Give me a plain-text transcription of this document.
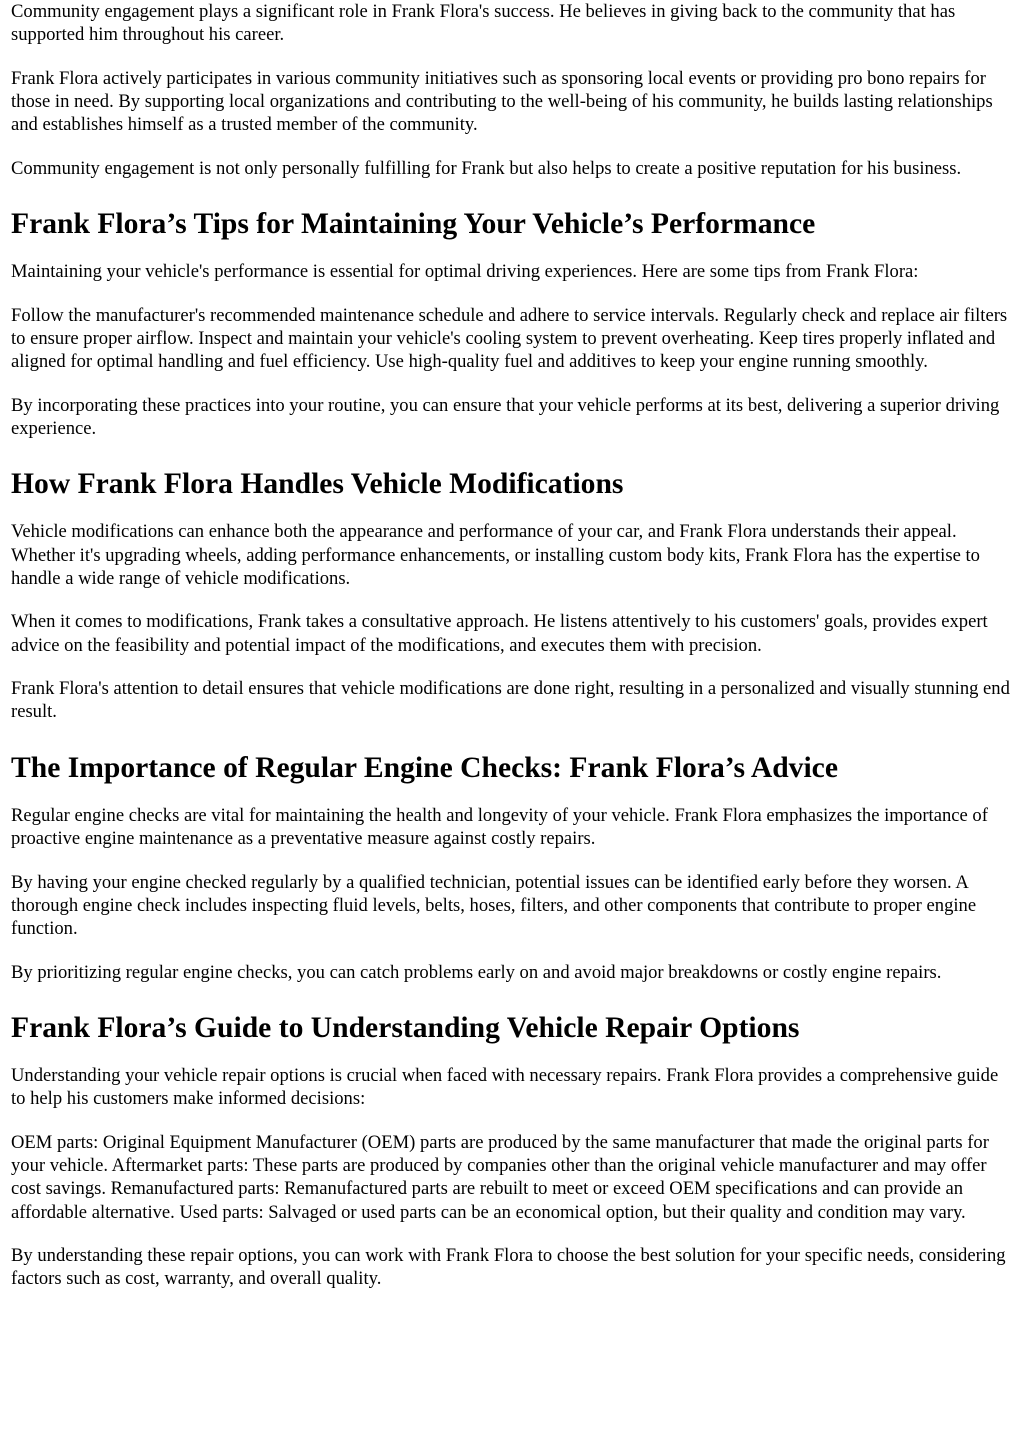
Community engagement plays a significant role in Frank Flora's success. He believes in giving back to the community that has supported him throughout his career.

Frank Flora actively participates in various community initiatives such as sponsoring local events or providing pro bono repairs for those in need. By supporting local organizations and contributing to the well-being of his community, he builds lasting relationships and establishes himself as a trusted member of the community.

Community engagement is not only personally fulfilling for Frank but also helps to create a positive reputation for his business.

Frank Flora’s Tips for Maintaining Your Vehicle’s Performance

Maintaining your vehicle's performance is essential for optimal driving experiences. Here are some tips from Frank Flora:

Follow the manufacturer's recommended maintenance schedule and adhere to service intervals. Regularly check and replace air filters to ensure proper airflow. Inspect and maintain your vehicle's cooling system to prevent overheating. Keep tires properly inflated and aligned for optimal handling and fuel efficiency. Use high-quality fuel and additives to keep your engine running smoothly.

By incorporating these practices into your routine, you can ensure that your vehicle performs at its best, delivering a superior driving experience.

How Frank Flora Handles Vehicle Modifications

Vehicle modifications can enhance both the appearance and performance of your car, and Frank Flora understands their appeal. Whether it's upgrading wheels, adding performance enhancements, or installing custom body kits, Frank Flora has the expertise to handle a wide range of vehicle modifications.

When it comes to modifications, Frank takes a consultative approach. He listens attentively to his customers' goals, provides expert advice on the feasibility and potential impact of the modifications, and executes them with precision.

Frank Flora's attention to detail ensures that vehicle modifications are done right, resulting in a personalized and visually stunning end result.

The Importance of Regular Engine Checks: Frank Flora’s Advice

Regular engine checks are vital for maintaining the health and longevity of your vehicle. Frank Flora emphasizes the importance of proactive engine maintenance as a preventative measure against costly repairs.

By having your engine checked regularly by a qualified technician, potential issues can be identified early before they worsen. A thorough engine check includes inspecting fluid levels, belts, hoses, filters, and other components that contribute to proper engine function.

By prioritizing regular engine checks, you can catch problems early on and avoid major breakdowns or costly engine repairs.

Frank Flora’s Guide to Understanding Vehicle Repair Options

Understanding your vehicle repair options is crucial when faced with necessary repairs. Frank Flora provides a comprehensive guide to help his customers make informed decisions:

OEM parts: Original Equipment Manufacturer (OEM) parts are produced by the same manufacturer that made the original parts for your vehicle. Aftermarket parts: These parts are produced by companies other than the original vehicle manufacturer and may offer cost savings. Remanufactured parts: Remanufactured parts are rebuilt to meet or exceed OEM specifications and can provide an affordable alternative. Used parts: Salvaged or used parts can be an economical option, but their quality and condition may vary.

By understanding these repair options, you can work with Frank Flora to choose the best solution for your specific needs, considering factors such as cost, warranty, and overall quality.
